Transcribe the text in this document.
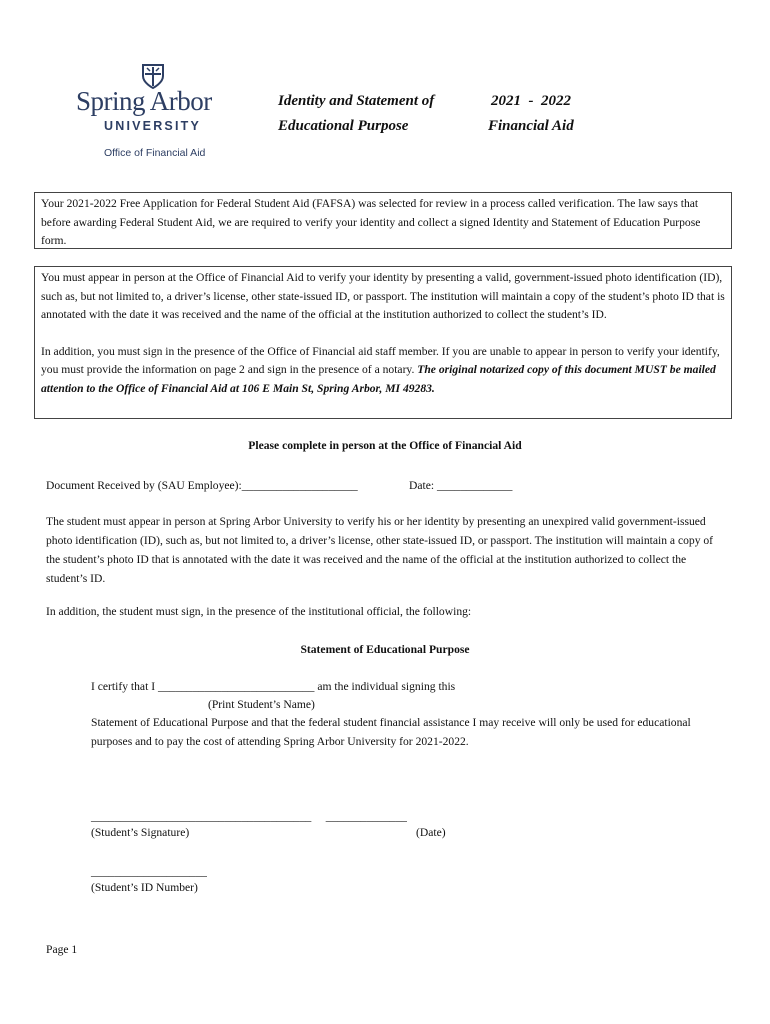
Spring Arbor
UNIVERSITY
Office of Financial Aid
Identity and Statement of
Educational Purpose
2021  -  2022
Financial Aid

Your 2021-2022 Free Application for Federal Student Aid (FAFSA) was selected for review in a process called verification. The law says that before awarding Federal Student Aid, we are required to verify your identity and collect a signed Identity and Statement of Education Purpose form.

You must appear in person at the Office of Financial Aid to verify your identity by presenting a valid, government-issued photo identification (ID), such as, but not limited to, a driver’s license, other state-issued ID, or passport. The institution will maintain a copy of the student’s photo ID that is annotated with the date it was received and the name of the official at the institution authorized to collect the student’s ID.

In addition, you must sign in the presence of the Office of Financial aid staff member. If you are unable to appear in person to verify your identify, you must provide the information on page 2 and sign in the presence of a notary. The original notarized copy of this document MUST be mailed attention to the Office of Financial Aid at 106 E Main St, Spring Arbor, MI 49283.

Please complete in person at the Office of Financial Aid
Document Received by (SAU Employee):____________________	Date: _____________
The student must appear in person at Spring Arbor University to verify his or her identity by presenting an unexpired valid government-issued photo identification (ID), such as, but not limited to, a driver’s license, other state-issued ID, or passport. The institution will maintain a copy of the student’s photo ID that is annotated with the date it was received and the name of the official at the institution authorized to collect the student’s ID.
In addition, the student must sign, in the presence of the institutional official, the following:
Statement of Educational Purpose
I certify that I ___________________________ am the individual signing this
(Print Student’s Name)
Statement of Educational Purpose and that the federal student financial assistance I may receive will only be used for educational purposes and to pay the cost of attending Spring Arbor University for 2021-2022.
______________________________________     ______________
(Student’s Signature)	(Date)
____________________
(Student’s ID Number)
Page 1
